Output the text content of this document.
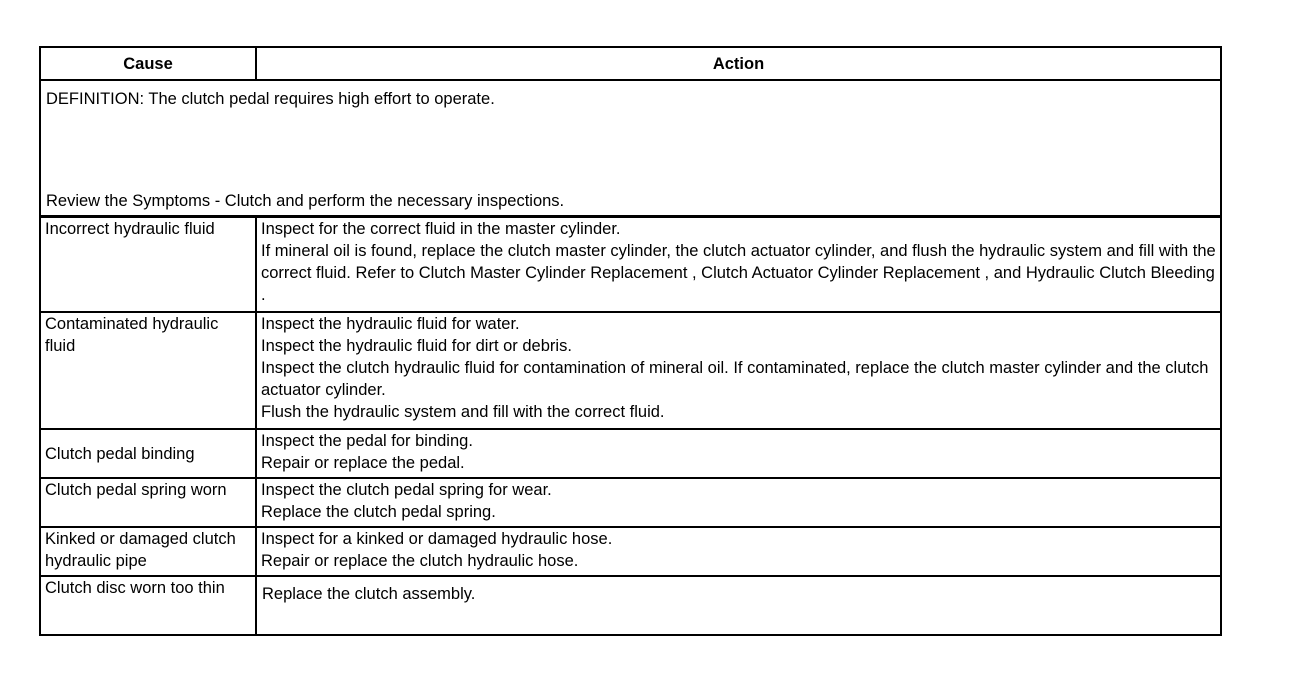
Cause	Action

DEFINITION: The clutch pedal requires high effort to operate.
Review the Symptoms - Clutch and perform the necessary inspections.	

Incorrect hydraulic fluid	Inspect for the correct fluid in the master cylinder.
If mineral oil is found, replace the clutch master cylinder, the clutch actuator cylinder, and flush the hydraulic system and fill with the correct fluid. Refer to Clutch Master Cylinder Replacement , Clutch Actuator Cylinder Replacement , and Hydraulic Clutch Bleeding .

Contaminated hydraulic fluid	Inspect the hydraulic fluid for water.
Inspect the hydraulic fluid for dirt or debris.
Inspect the clutch hydraulic fluid for contamination of mineral oil. If contaminated, replace the clutch master cylinder and the clutch actuator cylinder.
Flush the hydraulic system and fill with the correct fluid.

Clutch pedal binding	Inspect the pedal for binding.
Repair or replace the pedal.

Clutch pedal spring worn	Inspect the clutch pedal spring for wear.
Replace the clutch pedal spring.

Kinked or damaged clutch hydraulic pipe	Inspect for a kinked or damaged hydraulic hose.
Repair or replace the clutch hydraulic hose.

Clutch disc worn too thin	Replace the clutch assembly.
